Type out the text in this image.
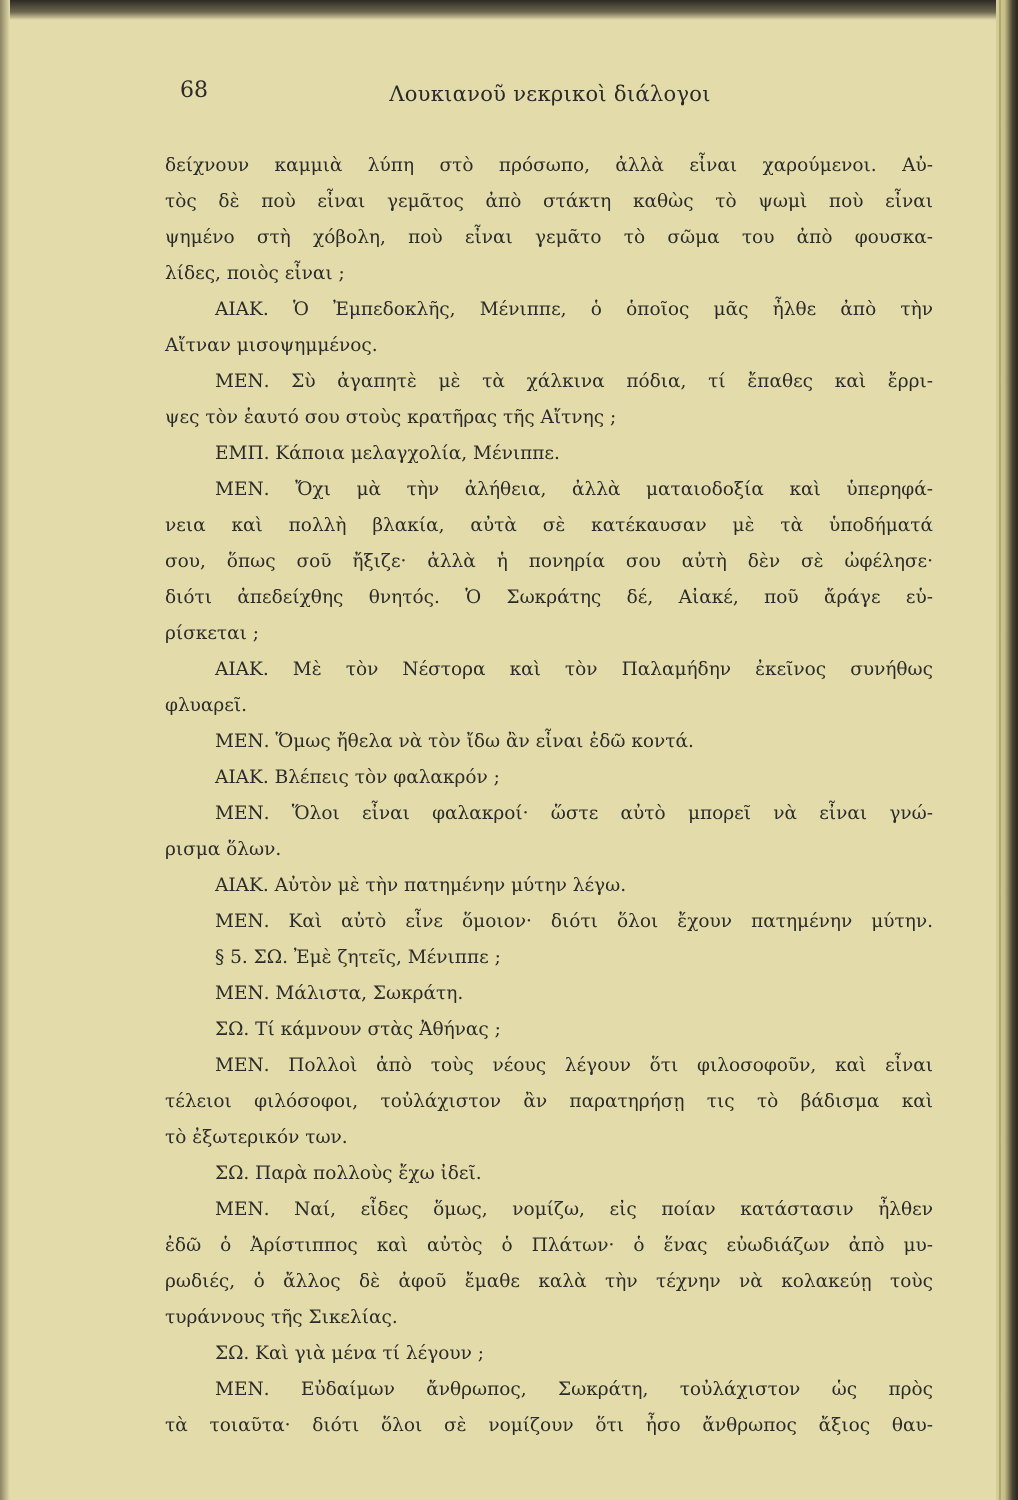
68	Λουκιανοῦ νεκρικοὶ διάλογοι
δείχνουν καμμιὰ λύπη στὸ πρόσωπο, ἀλλὰ εἶναι χαρούμενοι. Αὐ-
τὸς δὲ ποὺ εἶναι γεμᾶτος ἀπὸ στάκτη καθὼς τὸ ψωμὶ ποὺ εἶναι
ψημένο στὴ χόβολη, ποὺ εἶναι γεμᾶτο τὸ σῶμα του ἀπὸ φουσκα-
λίδες, ποιὸς εἶναι ;
ΑΙΑΚ. Ὁ Ἐμπεδοκλῆς, Μένιππε, ὁ ὁποῖος μᾶς ἦλθε ἀπὸ τὴν
Αἴτναν μισοψημμένος.
ΜΕΝ. Σὺ ἀγαπητὲ μὲ τὰ χάλκινα πόδια, τί ἔπαθες καὶ ἔρρι-
ψες τὸν ἑαυτό σου στοὺς κρατῆρας τῆς Αἴτνης ;
ΕΜΠ. Κάποια μελαγχολία, Μένιππε.
ΜΕΝ. Ὄχι μὰ τὴν ἀλήθεια, ἀλλὰ ματαιοδοξία καὶ ὑπερηφά-
νεια καὶ πολλὴ βλακία, αὐτὰ σὲ κατέκαυσαν μὲ τὰ ὑποδήματά
σου, ὅπως σοῦ ἤξιζε· ἀλλὰ ἡ πονηρία σου αὐτὴ δὲν σὲ ὠφέλησε·
διότι ἀπεδείχθης θνητός. Ὁ Σωκράτης δέ, Αἰακέ, ποῦ ἄράγε εὑ-
ρίσκεται ;
ΑΙΑΚ. Μὲ τὸν Νέστορα καὶ τὸν Παλαμήδην ἐκεῖνος συνήθως
φλυαρεῖ.
ΜΕΝ. Ὅμως ἤθελα νὰ τὸν ἴδω ἂν εἶναι ἐδῶ κοντά.
ΑΙΑΚ. Βλέπεις τὸν φαλακρόν ;
ΜΕΝ. Ὅλοι εἶναι φαλακροί· ὥστε αὐτὸ μπορεῖ νὰ εἶναι γνώ-
ρισμα ὅλων.
ΑΙΑΚ. Αὐτὸν μὲ τὴν πατημένην μύτην λέγω.
ΜΕΝ. Καὶ αὐτὸ εἶνε ὅμοιον· διότι ὅλοι ἔχουν πατημένην μύτην.
§ 5. ΣΩ. Ἐμὲ ζητεῖς, Μένιππε ;
ΜΕΝ. Μάλιστα, Σωκράτη.
ΣΩ. Τί κάμνουν στὰς Ἀθήνας ;
ΜΕΝ. Πολλοὶ ἀπὸ τοὺς νέους λέγουν ὅτι φιλοσοφοῦν, καὶ εἶναι
τέλειοι φιλόσοφοι, τοὐλάχιστον ἂν παρατηρήσῃ τις τὸ βάδισμα καὶ
τὸ ἐξωτερικόν των.
ΣΩ. Παρὰ πολλοὺς ἔχω ἰδεῖ.
ΜΕΝ. Ναί, εἶδες ὅμως, νομίζω, εἰς ποίαν κατάστασιν ἦλθεν
ἐδῶ ὁ Ἀρίστιππος καὶ αὐτὸς ὁ Πλάτων· ὁ ἕνας εὐωδιάζων ἀπὸ μυ-
ρωδιές, ὁ ἄλλος δὲ ἀφοῦ ἔμαθε καλὰ τὴν τέχνην νὰ κολακεύῃ τοὺς
τυράννους τῆς Σικελίας.
ΣΩ. Καὶ γιὰ μένα τί λέγουν ;
ΜΕΝ. Εὐδαίμων ἄνθρωπος, Σωκράτη, τοὐλάχιστον ὡς πρὸς
τὰ τοιαῦτα· διότι ὅλοι σὲ νομίζουν ὅτι ἦσο ἄνθρωπος ἄξιος θαυ-
